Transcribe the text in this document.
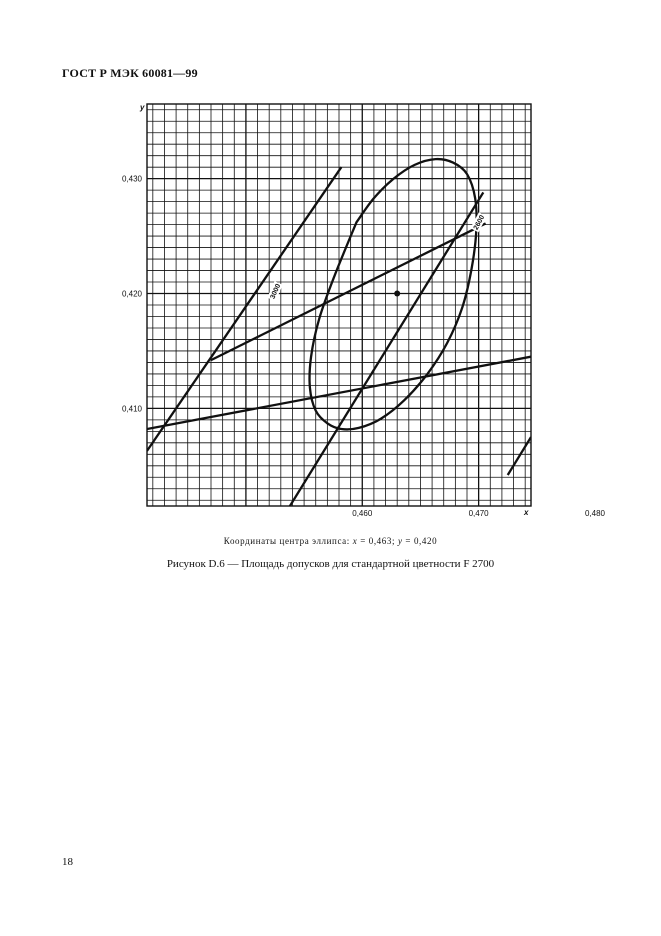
ГОСТ Р МЭК 60081—99
3000
2600
0,460	0,470	0,480
0,410
0,420
0,430
y
x
Координаты центра эллипса: x = 0,463; y = 0,420
Рисунок D.6 — Площадь допусков для стандартной цветности F 2700
18
